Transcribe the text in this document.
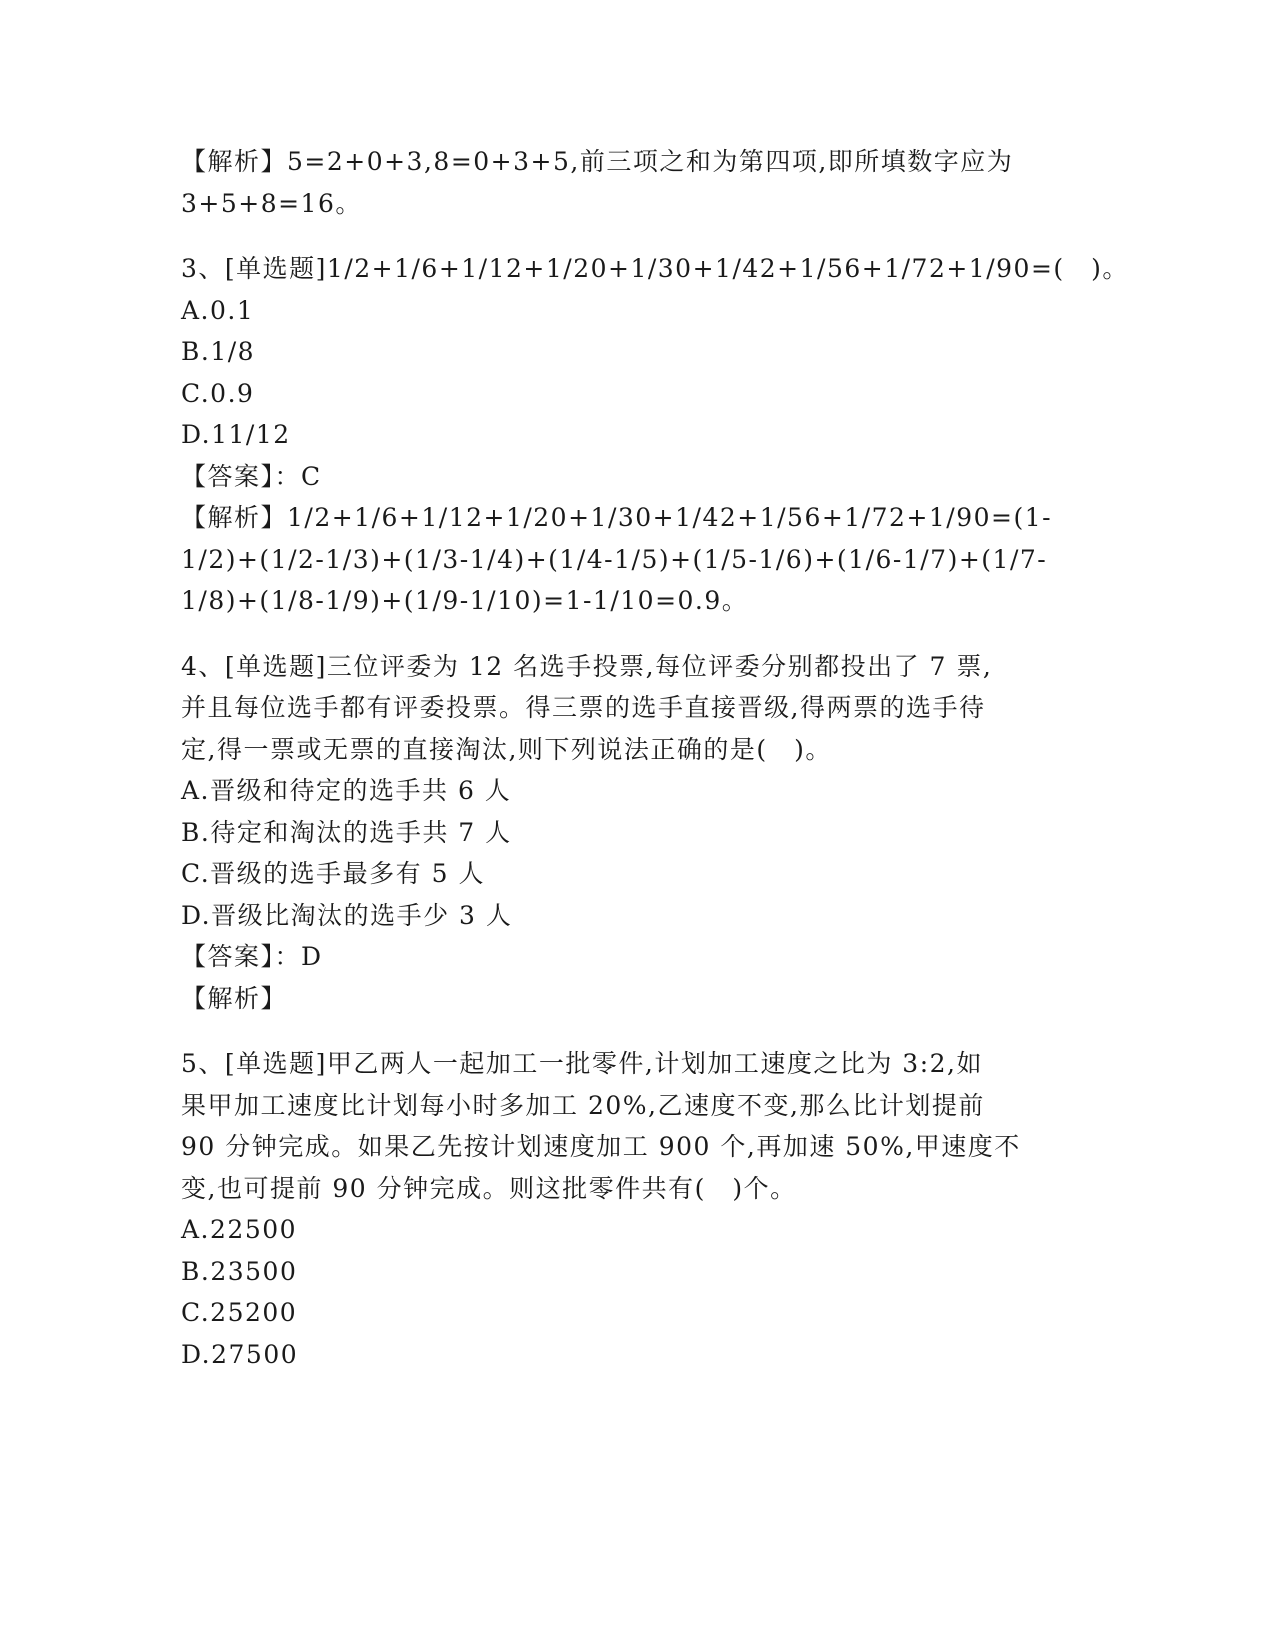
【解析】5=2+0+3,8=0+3+5,前三项之和为第四项,即所填数字应为
3+5+8=16。
3、[单选题]1/2+1/6+1/12+1/20+1/30+1/42+1/56+1/72+1/90=(　)。
A.0.1
B.1/8
C.0.9
D.11/12
【答案】：C
【解析】1/2+1/6+1/12+1/20+1/30+1/42+1/56+1/72+1/90=(1-
1/2)+(1/2-1/3)+(1/3-1/4)+(1/4-1/5)+(1/5-1/6)+(1/6-1/7)+(1/7-
1/8)+(1/8-1/9)+(1/9-1/10)=1-1/10=0.9。
4、[单选题]三位评委为 12 名选手投票,每位评委分别都投出了 7 票,
并且每位选手都有评委投票。得三票的选手直接晋级,得两票的选手待
定,得一票或无票的直接淘汰,则下列说法正确的是(　)。
A.晋级和待定的选手共 6 人
B.待定和淘汰的选手共 7 人
C.晋级的选手最多有 5 人
D.晋级比淘汰的选手少 3 人
【答案】：D
【解析】
5、[单选题]甲乙两人一起加工一批零件,计划加工速度之比为 3:2,如
果甲加工速度比计划每小时多加工 20%,乙速度不变,那么比计划提前
90 分钟完成。如果乙先按计划速度加工 900 个,再加速 50%,甲速度不
变,也可提前 90 分钟完成。则这批零件共有(　)个。
A.22500
B.23500
C.25200
D.27500
